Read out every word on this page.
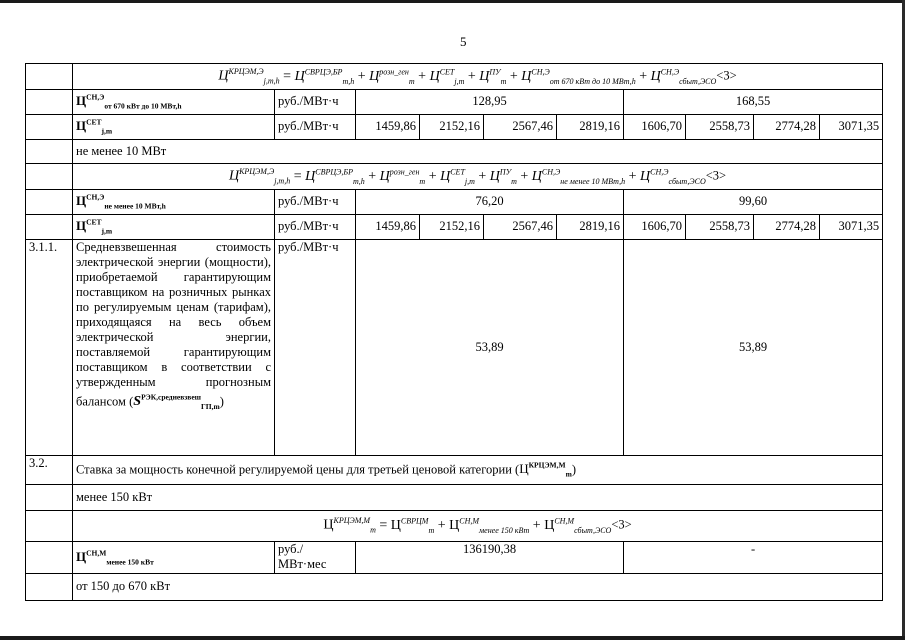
5

	$Ц^{КРЦЭМ,Э}_{j,m,h} = Ц^{СВРЦЭ,БР}_{m,h} + Ц^{розн\_ген}_m + Ц^{СЕТ}_{j,m} + Ц^{ПУ}_m + Ц^{СН,Э}_{от 670 кВт до 10 МВт,h} + Ц^{СН,Э}_{сбыт,ЭСО}<3>$									

	$Ц^{СН,Э}_{от 670 кВт до 10 МВт,h}$	руб./МВт·ч	128,95				168,55			
	$Ц^{СЕТ}_{j,m}$	руб./МВт·ч	1459,86	2152,16	2567,46	2819,16	1606,70	2558,73	2774,28	3071,35
	не менее 10 МВт									

	$Ц^{КРЦЭМ,Э}_{j,m,h} = Ц^{СВРЦЭ,БР}_{m,h} + Ц^{розн\_ген}_m + Ц^{СЕТ}_{j,m} + Ц^{ПУ}_m + Ц^{СН,Э}_{не менее 10 МВт,h} + Ц^{СН,Э}_{сбыт,ЭСО}<3>$									

	$Ц^{СН,Э}_{не менее 10 МВт,h}$	руб./МВт·ч	76,20				99,60			
	$Ц^{СЕТ}_{j,m}$	руб./МВт·ч	1459,86	2152,16	2567,46	2819,16	1606,70	2558,73	2774,28	3071,35
3.1.1.	Средневзвешенная стоимость электрической энергии (мощности), приобретаемой гарантирующим поставщиком на розничных рынках по регулируемым ценам (тарифам), приходящаяся на весь объем электрической энергии, поставляемой гарантирующим поставщиком в соответствии с утвержденным прогнозным балансом $(S^{РЭК,средневзвеш}_{ГП,m})$	руб./МВт·ч	53,89				53,89			
3.2.	Ставка за мощность конечной регулируемой цены для третьей ценовой категории $(Ц^{КРЦЭМ,М}_m)$									
	менее 150 кВт									

	$Ц^{КРЦЭМ,М}_m = Ц^{СВРЦМ}_m + Ц^{СН,М}_{менее 150 кВт} + Ц^{СН,М}_{сбыт,ЭСО}<3>$									

	$Ц^{СН,М}_{менее 150 кВт}$	руб./
МВт·мес	136190,38				-			
	от 150 до 670 кВт									
